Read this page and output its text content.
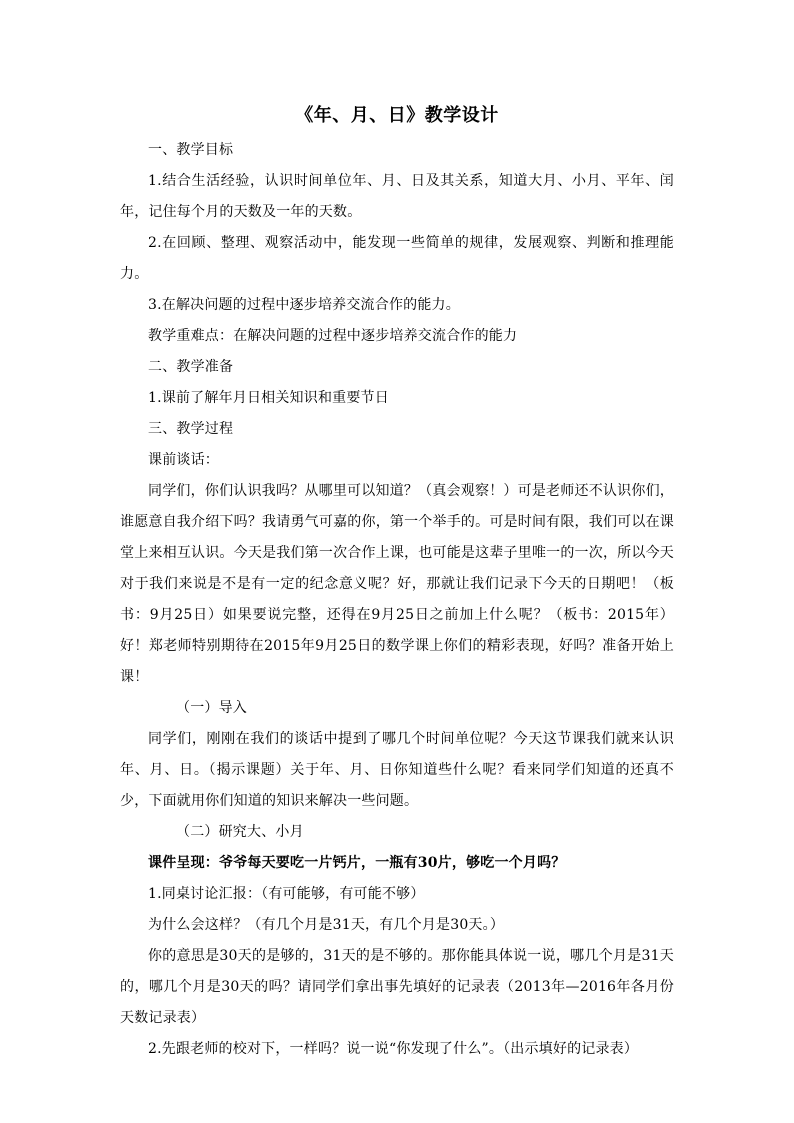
《年、月、日》教学设计

一、教学目标

1.结合生活经验，认识时间单位年、月、日及其关系，知道大月、小月、平年、闰年，记住每个月的天数及一年的天数。

2.在回顾、整理、观察活动中，能发现一些简单的规律，发展观察、判断和推理能力。

3.在解决问题的过程中逐步培养交流合作的能力。

教学重难点：在解决问题的过程中逐步培养交流合作的能力

二、教学准备

1.课前了解年月日相关知识和重要节日

三、教学过程

课前谈话：

同学们，你们认识我吗？从哪里可以知道？（真会观察！）可是老师还不认识你们，谁愿意自我介绍下吗？我请勇气可嘉的你，第一个举手的。可是时间有限，我们可以在课堂上来相互认识。今天是我们第一次合作上课，也可能是这辈子里唯一的一次，所以今天对于我们来说是不是有一定的纪念意义呢？好，那就让我们记录下今天的日期吧！（板书：9月25日）如果要说完整，还得在9月25日之前加上什么呢？（板书：2015年）好！郑老师特别期待在2015年9月25日的数学课上你们的精彩表现，好吗？准备开始上课！

（一）导入

同学们，刚刚在我们的谈话中提到了哪几个时间单位呢？今天这节课我们就来认识年、月、日。（揭示课题）关于年、月、日你知道些什么呢？看来同学们知道的还真不少，下面就用你们知道的知识来解决一些问题。

（二）研究大、小月

课件呈现：爷爷每天要吃一片钙片，一瓶有30片，够吃一个月吗？

1.同桌讨论汇报：（有可能够，有可能不够）

为什么会这样？（有几个月是31天，有几个月是30天。）

你的意思是30天的是够的，31天的是不够的。那你能具体说一说，哪几个月是31天的，哪几个月是30天的吗？请同学们拿出事先填好的记录表（2013年—2016年各月份天数记录表）

2.先跟老师的校对下，一样吗？说一说“你发现了什么”。（出示填好的记录表）
